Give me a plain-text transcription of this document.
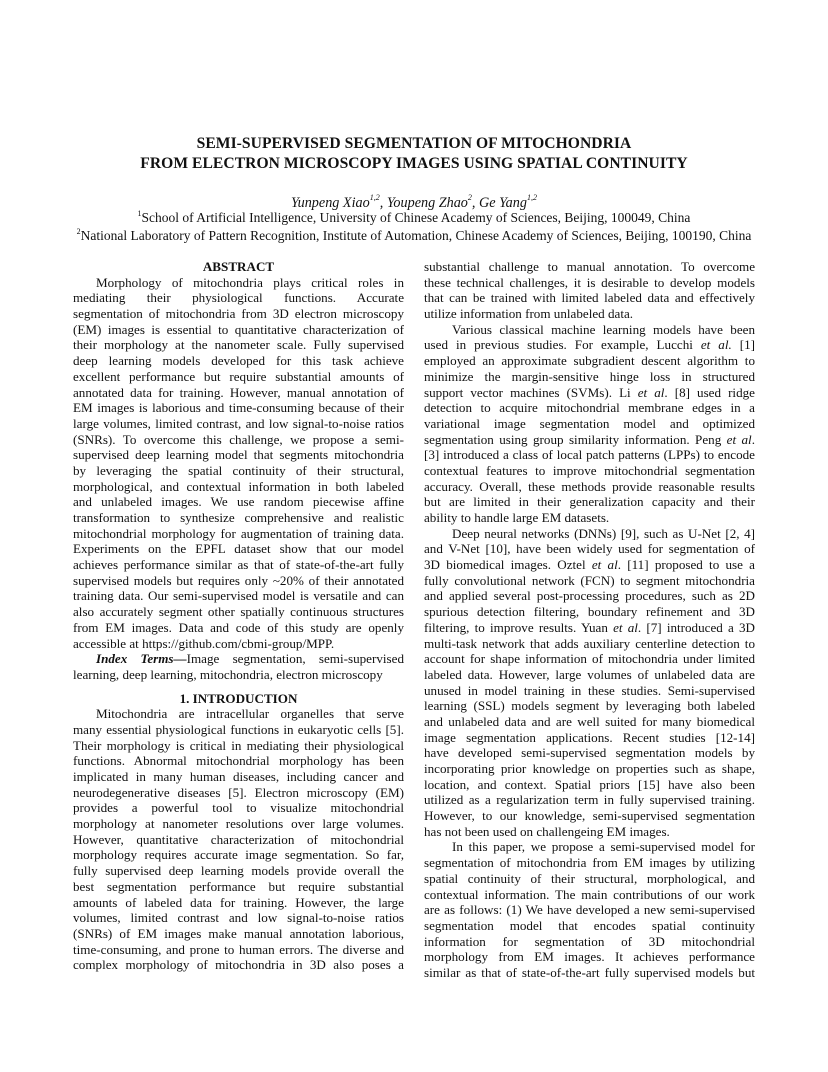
SEMI-SUPERVISED SEGMENTATION OF MITOCHONDRIA
FROM ELECTRON MICROSCOPY IMAGES USING SPATIAL CONTINUITY
Yunpeng Xiao$^{1,2}$, Youpeng Zhao$^2$, Ge Yang$^{1,2}$
$^1$School of Artificial Intelligence, University of Chinese Academy of Sciences, Beijing, 100049, China
$^2$National Laboratory of Pattern Recognition, Institute of Automation, Chinese Academy of Sciences, Beijing, 100190, China
ABSTRACT
Morphology of mitochondria plays critical roles in
mediating their physiological functions. Accurate
segmentation of mitochondria from 3D electron microscopy
(EM) images is essential to quantitative characterization of
their morphology at the nanometer scale. Fully supervised
deep learning models developed for this task achieve
excellent performance but require substantial amounts of
annotated data for training. However, manual annotation of
EM images is laborious and time-consuming because of their
large volumes, limited contrast, and low signal-to-noise ratios
(SNRs). To overcome this challenge, we propose a semi-
supervised deep learning model that segments mitochondria
by leveraging the spatial continuity of their structural,
morphological, and contextual information in both labeled
and unlabeled images. We use random piecewise affine
transformation to synthesize comprehensive and realistic
mitochondrial morphology for augmentation of training data.
Experiments on the EPFL dataset show that our model
achieves performance similar as that of state-of-the-art fully
supervised models but requires only ~20% of their annotated
training data. Our semi-supervised model is versatile and can
also accurately segment other spatially continuous structures
from EM images. Data and code of this study are openly
accessible at https://github.com/cbmi-group/MPP.
Index Terms—Image segmentation, semi-supervised
learning, deep learning, mitochondria, electron microscopy
1. INTRODUCTION
Mitochondria are intracellular organelles that serve
many essential physiological functions in eukaryotic cells [5].
Their morphology is critical in mediating their physiological
functions. Abnormal mitochondrial morphology has been
implicated in many human diseases, including cancer and
neurodegenerative diseases [5]. Electron microscopy (EM)
provides a powerful tool to visualize mitochondrial
morphology at nanometer resolutions over large volumes.
However, quantitative characterization of mitochondrial
morphology requires accurate image segmentation. So far,
fully supervised deep learning models provide overall the
best segmentation performance but require substantial
amounts of labeled data for training. However, the large
volumes, limited contrast and low signal-to-noise ratios
(SNRs) of EM images make manual annotation laborious,
time-consuming, and prone to human errors. The diverse and
complex morphology of mitochondria in 3D also poses a
substantial challenge to manual annotation. To overcome
these technical challenges, it is desirable to develop models
that can be trained with limited labeled data and effectively
utilize information from unlabeled data.
Various classical machine learning models have been
used in previous studies. For example, Lucchi et al. [1]
employed an approximate subgradient descent algorithm to
minimize the margin-sensitive hinge loss in structured
support vector machines (SVMs). Li et al. [8] used ridge
detection to acquire mitochondrial membrane edges in a
variational image segmentation model and optimized
segmentation using group similarity information. Peng et al.
[3] introduced a class of local patch patterns (LPPs) to encode
contextual features to improve mitochondrial segmentation
accuracy. Overall, these methods provide reasonable results
but are limited in their generalization capacity and their
ability to handle large EM datasets.
Deep neural networks (DNNs) [9], such as U-Net [2, 4]
and V-Net [10], have been widely used for segmentation of
3D biomedical images. Oztel et al. [11] proposed to use a
fully convolutional network (FCN) to segment mitochondria
and applied several post-processing procedures, such as 2D
spurious detection filtering, boundary refinement and 3D
filtering, to improve results. Yuan et al. [7] introduced a 3D
multi-task network that adds auxiliary centerline detection to
account for shape information of mitochondria under limited
labeled data. However, large volumes of unlabeled data are
unused in model training in these studies. Semi-supervised
learning (SSL) models segment by leveraging both labeled
and unlabeled data and are well suited for many biomedical
image segmentation applications. Recent studies [12-14]
have developed semi-supervised segmentation models by
incorporating prior knowledge on properties such as shape,
location, and context. Spatial priors [15] have also been
utilized as a regularization term in fully supervised training.
However, to our knowledge, semi-supervised segmentation
has not been used on challengeing EM images.
In this paper, we propose a semi-supervised model for
segmentation of mitochondria from EM images by utilizing
spatial continuity of their structural, morphological, and
contextual information. The main contributions of our work
are as follows: (1) We have developed a new semi-supervised
segmentation model that encodes spatial continuity
information for segmentation of 3D mitochondrial
morphology from EM images. It achieves performance
similar as that of state-of-the-art fully supervised models but
